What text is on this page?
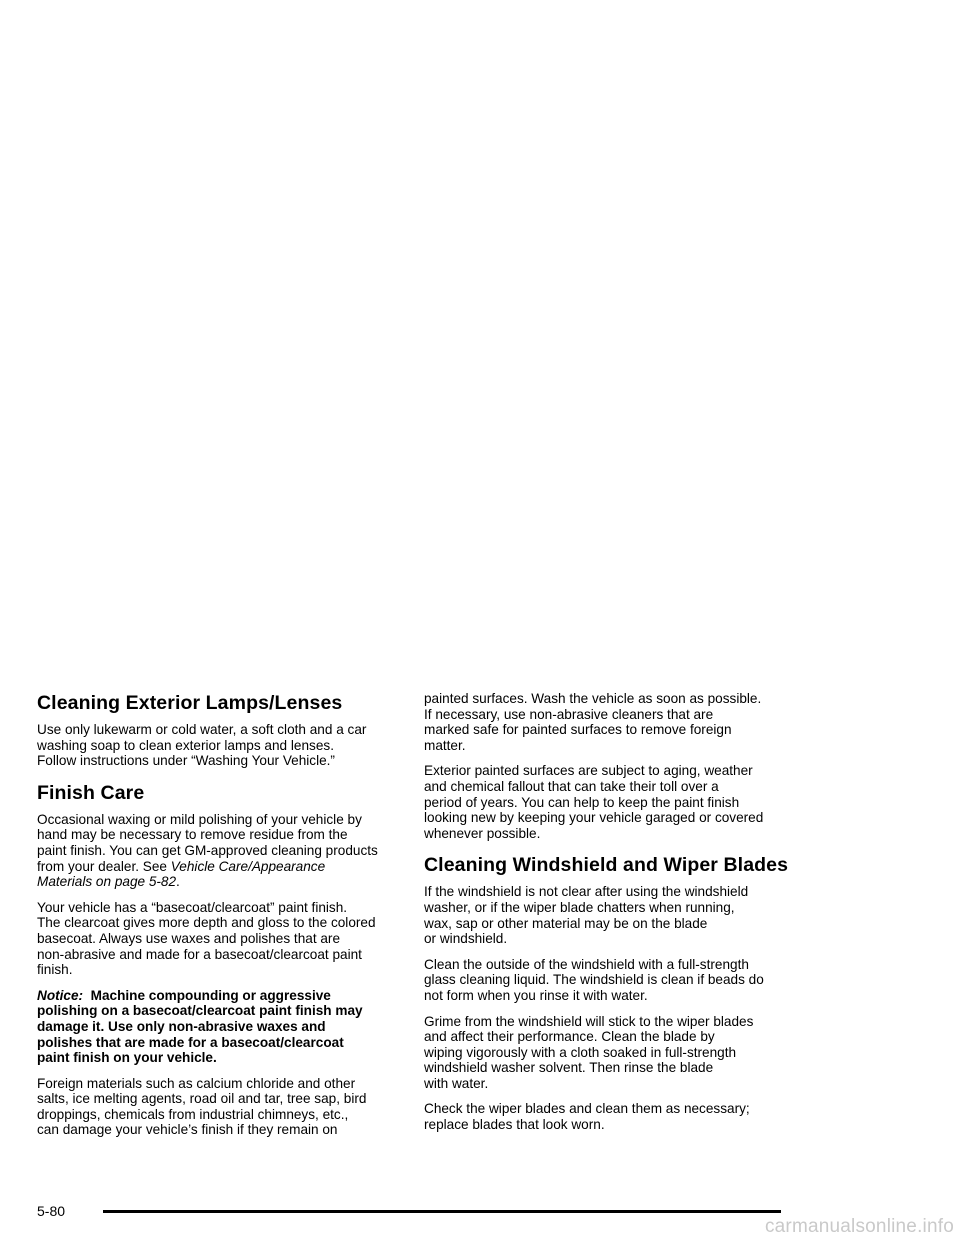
Cleaning Exterior Lamps/Lenses

Use only lukewarm or cold water, a soft cloth and a car
washing soap to clean exterior lamps and lenses.
Follow instructions under “Washing Your Vehicle.”

Finish Care

Occasional waxing or mild polishing of your vehicle by
hand may be necessary to remove residue from the
paint finish. You can get GM-approved cleaning products
from your dealer. See Vehicle Care/Appearance
Materials on page 5-82.

Your vehicle has a “basecoat/clearcoat” paint finish.
The clearcoat gives more depth and gloss to the colored
basecoat. Always use waxes and polishes that are
non-abrasive and made for a basecoat/clearcoat paint
finish.

Notice: Machine compounding or aggressive
polishing on a basecoat/clearcoat paint finish may
damage it. Use only non-abrasive waxes and
polishes that are made for a basecoat/clearcoat
paint finish on your vehicle.

Foreign materials such as calcium chloride and other
salts, ice melting agents, road oil and tar, tree sap, bird
droppings, chemicals from industrial chimneys, etc.,
can damage your vehicle’s finish if they remain on

painted surfaces. Wash the vehicle as soon as possible.
If necessary, use non-abrasive cleaners that are
marked safe for painted surfaces to remove foreign
matter.

Exterior painted surfaces are subject to aging, weather
and chemical fallout that can take their toll over a
period of years. You can help to keep the paint finish
looking new by keeping your vehicle garaged or covered
whenever possible.

Cleaning Windshield and Wiper Blades

If the windshield is not clear after using the windshield
washer, or if the wiper blade chatters when running,
wax, sap or other material may be on the blade
or windshield.

Clean the outside of the windshield with a full-strength
glass cleaning liquid. The windshield is clean if beads do
not form when you rinse it with water.

Grime from the windshield will stick to the wiper blades
and affect their performance. Clean the blade by
wiping vigorously with a cloth soaked in full-strength
windshield washer solvent. Then rinse the blade
with water.

Check the wiper blades and clean them as necessary;
replace blades that look worn.

5-80
carmanualsonline.info
